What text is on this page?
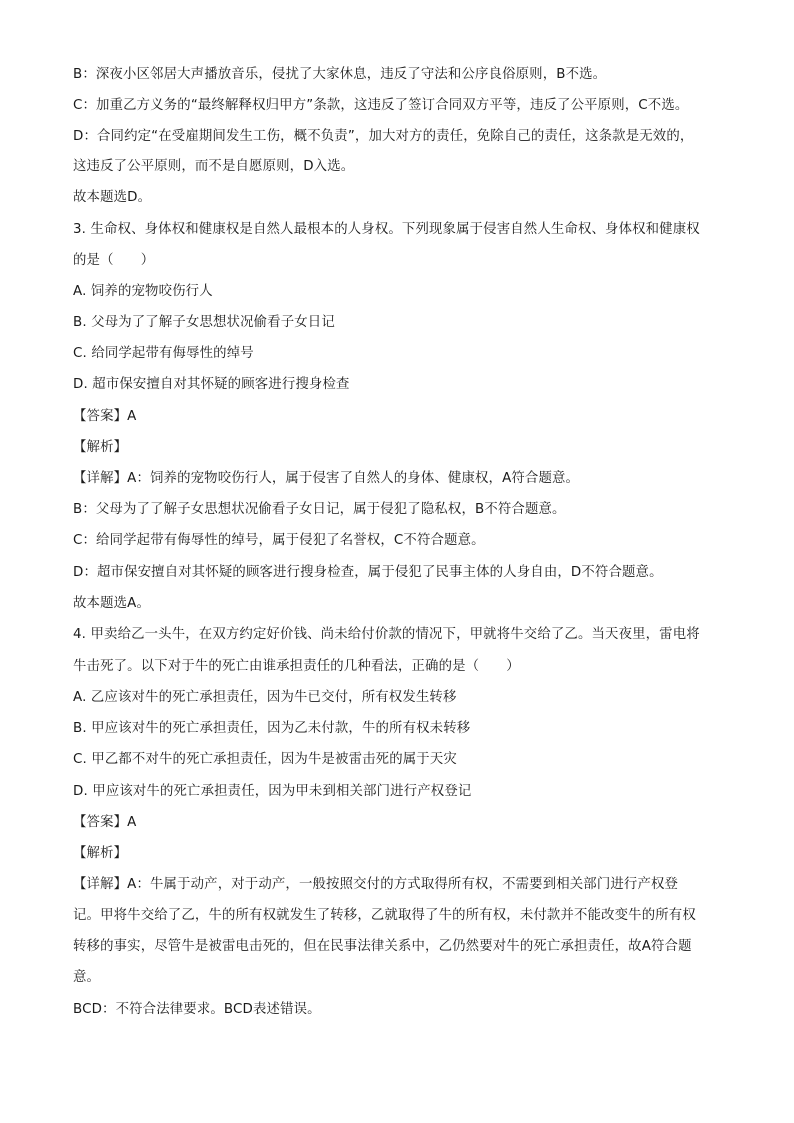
B：深夜小区邻居大声播放音乐，侵扰了大家休息，违反了守法和公序良俗原则，B不选。
C：加重乙方义务的“最终解释权归甲方”条款，这违反了签订合同双方平等，违反了公平原则，C不选。
D：合同约定“在受雇期间发生工伤，概不负责”，加大对方的责任，免除自己的责任，这条款是无效的，
这违反了公平原则，而不是自愿原则，D入选。
故本题选D。
3. 生命权、身体权和健康权是自然人最根本的人身权。下列现象属于侵害自然人生命权、身体权和健康权
的是（　　）
A. 饲养的宠物咬伤行人
B. 父母为了了解子女思想状况偷看子女日记
C. 给同学起带有侮辱性的绰号
D. 超市保安擅自对其怀疑的顾客进行搜身检查
【答案】A
【解析】
【详解】A：饲养的宠物咬伤行人，属于侵害了自然人的身体、健康权，A符合题意。
B：父母为了了解子女思想状况偷看子女日记，属于侵犯了隐私权，B不符合题意。
C：给同学起带有侮辱性的绰号，属于侵犯了名誉权，C不符合题意。
D：超市保安擅自对其怀疑的顾客进行搜身检查，属于侵犯了民事主体的人身自由，D不符合题意。
故本题选A。
4. 甲卖给乙一头牛，在双方约定好价钱、尚未给付价款的情况下，甲就将牛交给了乙。当天夜里，雷电将
牛击死了。以下对于牛的死亡由谁承担责任的几种看法，正确的是（　　）
A. 乙应该对牛的死亡承担责任，因为牛已交付，所有权发生转移
B. 甲应该对牛的死亡承担责任，因为乙未付款，牛的所有权未转移
C. 甲乙都不对牛的死亡承担责任，因为牛是被雷击死的属于天灾
D. 甲应该对牛的死亡承担责任，因为甲未到相关部门进行产权登记
【答案】A
【解析】
【详解】A：牛属于动产，对于动产，一般按照交付的方式取得所有权，不需要到相关部门进行产权登
记。甲将牛交给了乙，牛的所有权就发生了转移，乙就取得了牛的所有权，未付款并不能改变牛的所有权
转移的事实，尽管牛是被雷电击死的，但在民事法律关系中，乙仍然要对牛的死亡承担责任，故A符合题
意。
BCD：不符合法律要求。BCD表述错误。
